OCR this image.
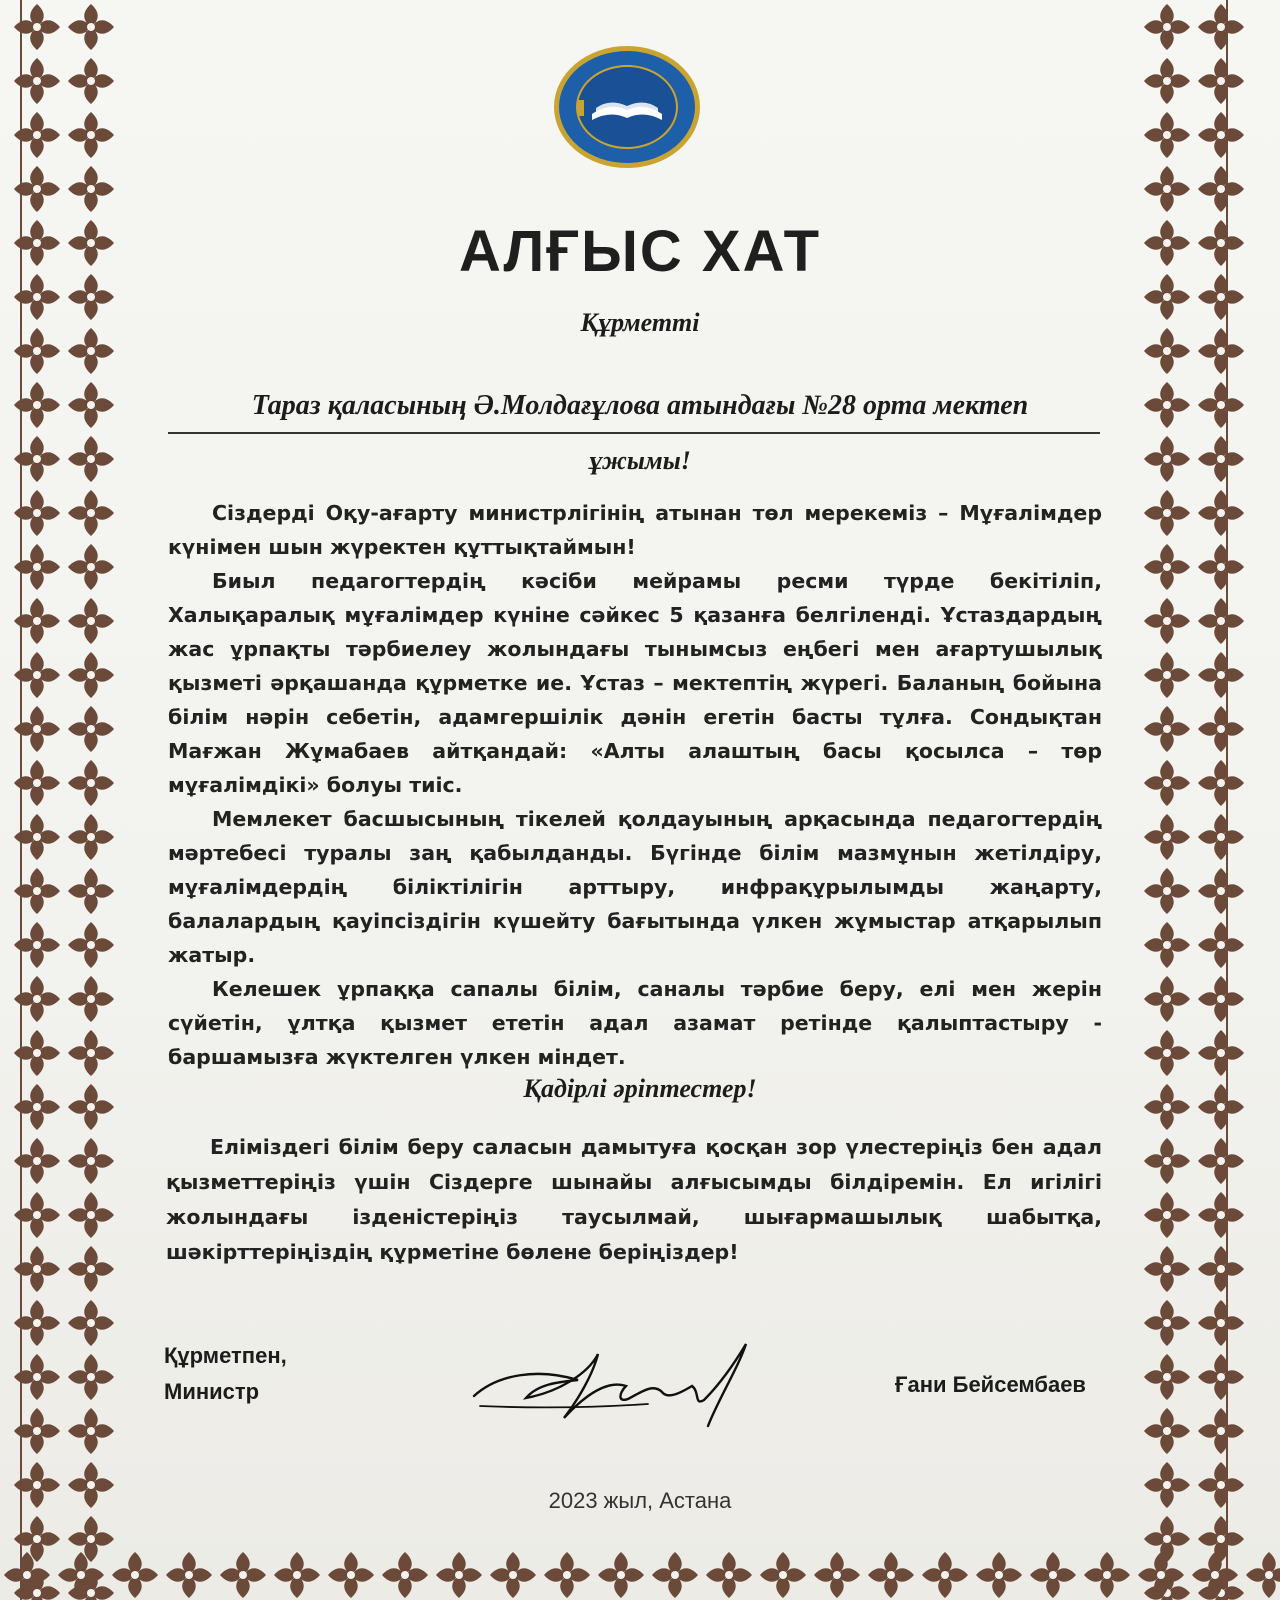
АЛҒЫС ХАТ
Құрметті
Тараз қаласының Ә.Молдағұлова атындағы №28 орта мектеп
ұжымы!

Сіздерді Оқу-ағарту министрлігінің атынан төл мерекеміз – Мұғалімдер күнімен шын жүректен құттықтаймын!

Биыл педагогтердің кәсіби мейрамы ресми түрде бекітіліп, Халықаралық мұғалімдер күніне сәйкес 5 қазанға белгіленді. Ұстаздардың жас ұрпақты тәрбиелеу жолындағы тынымсыз еңбегі мен ағартушылық қызметі әрқашанда құрметке ие. Ұстаз – мектептің жүрегі. Баланың бойына білім нәрін себетін, адамгершілік дәнін егетін басты тұлға. Сондықтан Мағжан Жұмабаев айтқандай: «Алты алаштың басы қосылса – төр мұғалімдікі» болуы тиіс.

Мемлекет басшысының тікелей қолдауының арқасында педагогтердің мәртебесі туралы заң қабылданды. Бүгінде білім мазмұнын жетілдіру, мұғалімдердің біліктілігін арттыру, инфрақұрылымды жаңарту, балалардың қауіпсіздігін күшейту бағытында үлкен жұмыстар атқарылып жатыр.

Келешек ұрпаққа сапалы білім, саналы тәрбие беру, елі мен жерін сүйетін, ұлтқа қызмет ететін адал азамат ретінде қалыптастыру - баршамызға жүктелген үлкен міндет.

Қадірлі әріптестер!

Еліміздегі білім беру саласын дамытуға қосқан зор үлестеріңіз бен адал қызметтеріңіз үшін Сіздерге шынайы алғысымды білдіремін. Ел игілігі жолындағы ізденістеріңіз таусылмай, шығармашылық шабытқа, шәкірттеріңіздің құрметіне бөлене беріңіздер!

Құрметпен,
Министр	Ғани Бейсембаев
2023 жыл, Астана
